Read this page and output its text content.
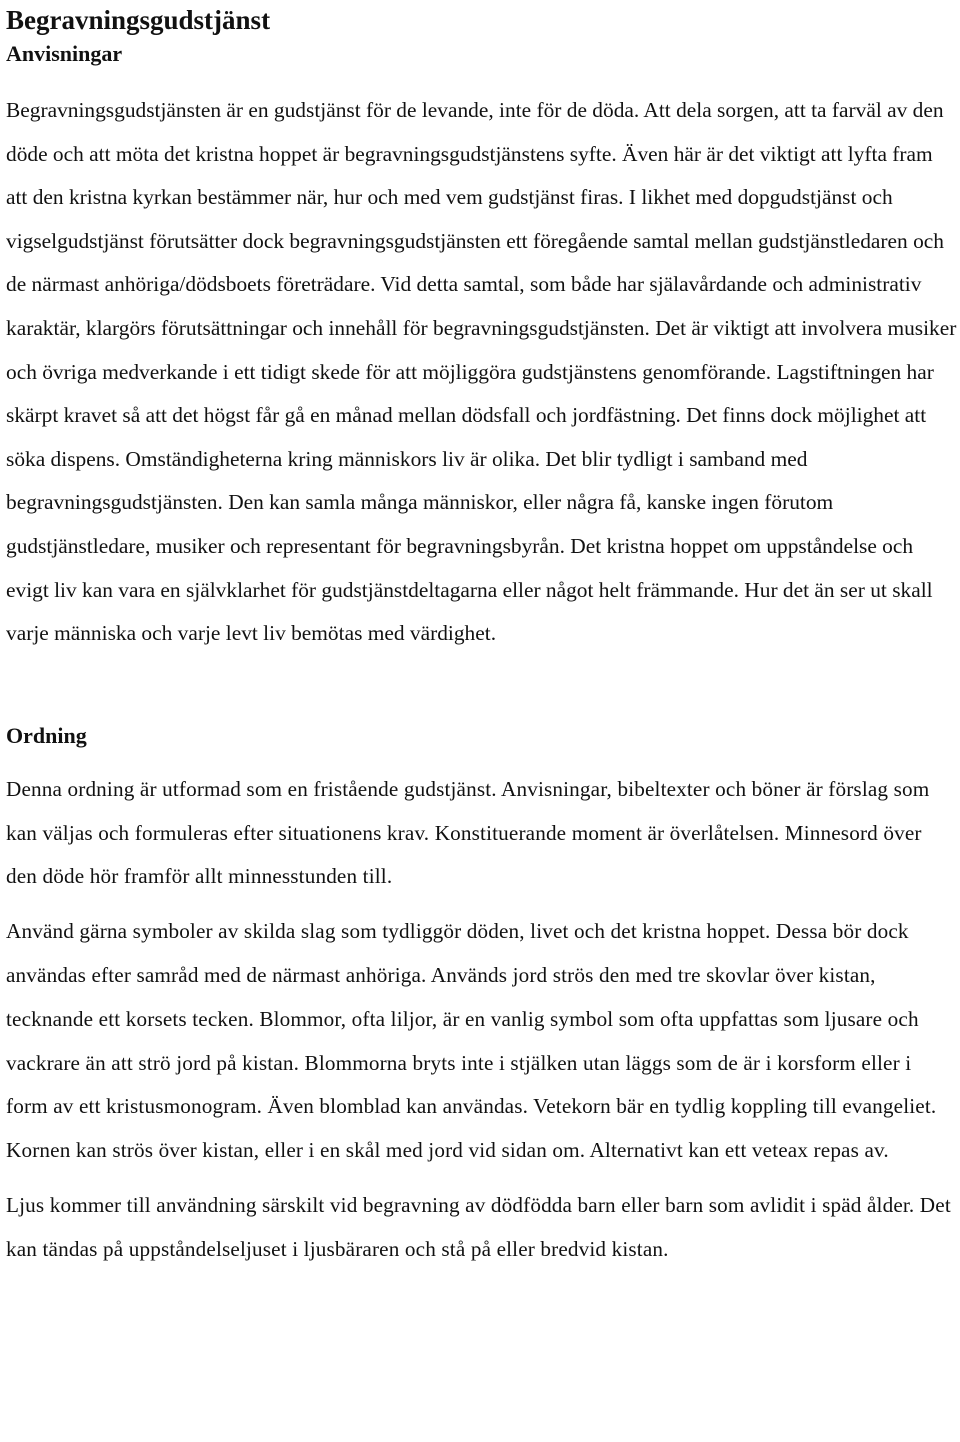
Begravningsgudstjänst
Anvisningar

Begravningsgudstjänsten är en gudstjänst för de levande, inte för de döda. Att dela sorgen, att ta farväl av den döde och att möta det kristna hoppet är begravningsgudstjänstens syfte. Även här är det viktigt att lyfta fram att den kristna kyrkan bestämmer när, hur och med vem gudstjänst firas. I likhet med dopgudstjänst och vigselgudstjänst förutsätter dock begravningsgudstjänsten ett föregående samtal mellan gudstjänstledaren och de närmast anhöriga/dödsboets företrädare. Vid detta samtal, som både har själavårdande och administrativ karaktär, klargörs förutsättningar och innehåll för begravningsgudstjänsten. Det är viktigt att involvera musiker och övriga medverkande i ett tidigt skede för att möjliggöra gudstjänstens genomförande. Lagstiftningen har skärpt kravet så att det högst får gå en månad mellan dödsfall och jordfästning. Det finns dock möjlighet att söka dispens. Omständigheterna kring människors liv är olika. Det blir tydligt i samband med begravningsgudstjänsten. Den kan samla många människor, eller några få, kanske ingen förutom gudstjänstledare, musiker och representant för begravningsbyrån. Det kristna hoppet om uppståndelse och evigt liv kan vara en självklarhet för gudstjänstdeltagarna eller något helt främmande. Hur det än ser ut skall varje människa och varje levt liv bemötas med värdighet.

Ordning

Denna ordning är utformad som en fristående gudstjänst. Anvisningar, bibeltexter och böner är förslag som kan väljas och formuleras efter situationens krav. Konstituerande moment är överlåtelsen. Minnesord över den döde hör framför allt minnesstunden till.

Använd gärna symboler av skilda slag som tydliggör döden, livet och det kristna hoppet. Dessa bör dock användas efter samråd med de närmast anhöriga. Används jord strös den med tre skovlar över kistan, tecknande ett korsets tecken. Blommor, ofta liljor, är en vanlig symbol som ofta uppfattas som ljusare och vackrare än att strö jord på kistan. Blommorna bryts inte i stjälken utan läggs som de är i korsform eller i form av ett kristusmonogram. Även blomblad kan användas. Vetekorn bär en tydlig koppling till evangeliet. Kornen kan strös över kistan, eller i en skål med jord vid sidan om. Alternativt kan ett veteax repas av.

Ljus kommer till användning särskilt vid begravning av dödfödda barn eller barn som avlidit i späd ålder. Det kan tändas på uppståndelseljuset i ljusbäraren och stå på eller bredvid kistan.
